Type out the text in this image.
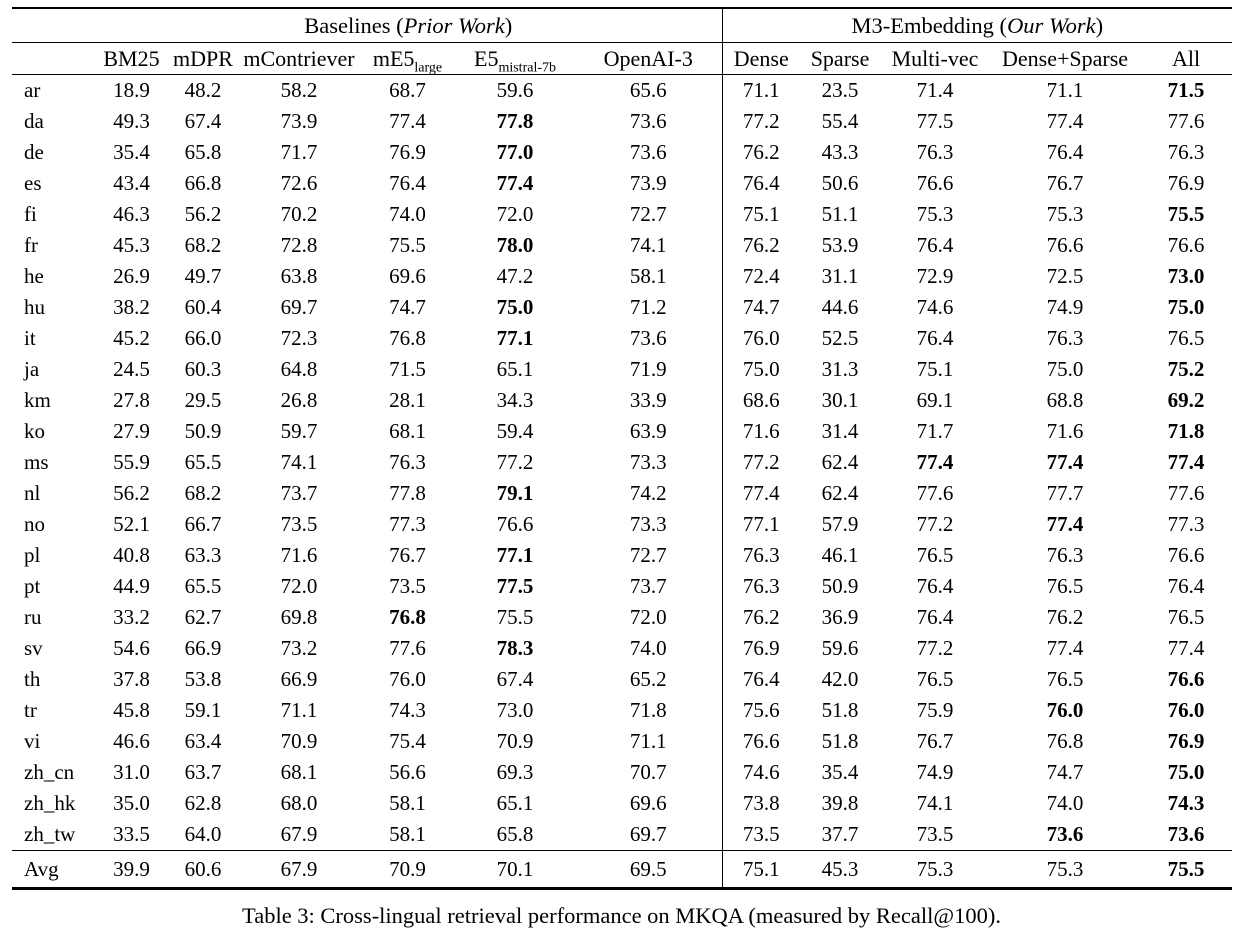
	Baselines (Prior Work)						M3-Embedding (Our Work)				
	BM25	mDPR	mContriever	$mE5_{large}$	$E5_{mistral-7b}$	OpenAI-3	Dense	Sparse	Multi-vec	Dense+Sparse	All
ar	18.9	48.2	58.2	68.7	59.6	65.6	71.1	23.5	71.4	71.1	71.5
da	49.3	67.4	73.9	77.4	77.8	73.6	77.2	55.4	77.5	77.4	77.6
de	35.4	65.8	71.7	76.9	77.0	73.6	76.2	43.3	76.3	76.4	76.3
es	43.4	66.8	72.6	76.4	77.4	73.9	76.4	50.6	76.6	76.7	76.9
fi	46.3	56.2	70.2	74.0	72.0	72.7	75.1	51.1	75.3	75.3	75.5
fr	45.3	68.2	72.8	75.5	78.0	74.1	76.2	53.9	76.4	76.6	76.6
he	26.9	49.7	63.8	69.6	47.2	58.1	72.4	31.1	72.9	72.5	73.0
hu	38.2	60.4	69.7	74.7	75.0	71.2	74.7	44.6	74.6	74.9	75.0
it	45.2	66.0	72.3	76.8	77.1	73.6	76.0	52.5	76.4	76.3	76.5
ja	24.5	60.3	64.8	71.5	65.1	71.9	75.0	31.3	75.1	75.0	75.2
km	27.8	29.5	26.8	28.1	34.3	33.9	68.6	30.1	69.1	68.8	69.2
ko	27.9	50.9	59.7	68.1	59.4	63.9	71.6	31.4	71.7	71.6	71.8
ms	55.9	65.5	74.1	76.3	77.2	73.3	77.2	62.4	77.4	77.4	77.4
nl	56.2	68.2	73.7	77.8	79.1	74.2	77.4	62.4	77.6	77.7	77.6
no	52.1	66.7	73.5	77.3	76.6	73.3	77.1	57.9	77.2	77.4	77.3
pl	40.8	63.3	71.6	76.7	77.1	72.7	76.3	46.1	76.5	76.3	76.6
pt	44.9	65.5	72.0	73.5	77.5	73.7	76.3	50.9	76.4	76.5	76.4
ru	33.2	62.7	69.8	76.8	75.5	72.0	76.2	36.9	76.4	76.2	76.5
sv	54.6	66.9	73.2	77.6	78.3	74.0	76.9	59.6	77.2	77.4	77.4
th	37.8	53.8	66.9	76.0	67.4	65.2	76.4	42.0	76.5	76.5	76.6
tr	45.8	59.1	71.1	74.3	73.0	71.8	75.6	51.8	75.9	76.0	76.0
vi	46.6	63.4	70.9	75.4	70.9	71.1	76.6	51.8	76.7	76.8	76.9
zh_cn	31.0	63.7	68.1	56.6	69.3	70.7	74.6	35.4	74.9	74.7	75.0
zh_hk	35.0	62.8	68.0	58.1	65.1	69.6	73.8	39.8	74.1	74.0	74.3
zh_tw	33.5	64.0	67.9	58.1	65.8	69.7	73.5	37.7	73.5	73.6	73.6
Avg	39.9	60.6	67.9	70.9	70.1	69.5	75.1	45.3	75.3	75.3	75.5
Table 3: Cross-lingual retrieval performance on MKQA (measured by Recall@100).
